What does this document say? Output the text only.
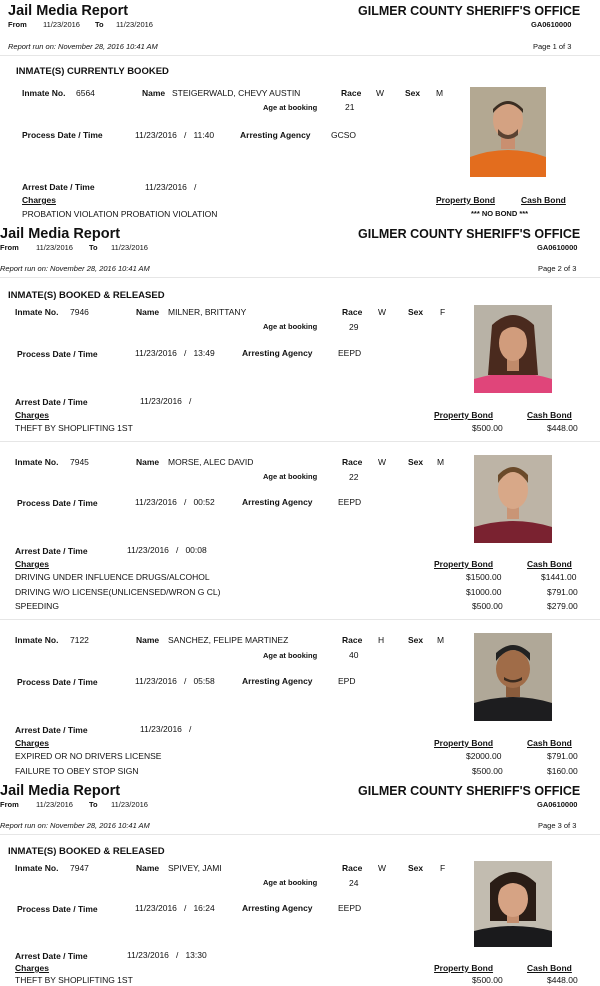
Jail Media Report
From 11/23/2016 To 11/23/2016
GILMER COUNTY SHERIFF'S OFFICE
GA0610000
Report run on: November 28, 2016 10:41 AM	Page 1 of 3
INMATE(S) CURRENTLY BOOKED
Inmate No. 6564	Name STEIGERWALD, CHEVY AUSTIN	Race W Sex M
Age at booking	21
Process Date / Time	11/23/2016   /   11:40	Arresting Agency GCSO
Arrest Date / Time	11/23/2016   /
Charges	Property Bond	Cash Bond
PROBATION VIOLATION PROBATION VIOLATION	*** NO BOND ***
Jail Media Report
From 11/23/2016 To 11/23/2016
GILMER COUNTY SHERIFF'S OFFICE
GA0610000
Report run on: November 28, 2016 10:41 AM	Page 2 of 3
INMATE(S) BOOKED & RELEASED
Inmate No. 7946	Name MILNER, BRITTANY	Race W	Sex F
Age at booking	29
Process Date / Time	11/23/2016   /   13:49	Arresting Agency	EEPD
Arrest Date / Time	11/23/2016   /
Charges	Property Bond	Cash Bond
THEFT BY SHOPLIFTING 1ST	$500.00	$448.00
Inmate No. 7945	Name MORSE, ALEC DAVID	Race W	Sex M
Age at booking	22
Process Date / Time	11/23/2016   /   00:52	Arresting Agency	EEPD
Arrest Date / Time	11/23/2016   /   00:08
Charges	Property Bond	Cash Bond
DRIVING UNDER INFLUENCE DRUGS/ALCOHOL	$1500.00	$1441.00
DRIVING W/O LICENSE(UNLICENSED/WRON G CL)	$1000.00	$791.00
SPEEDING	$500.00	$279.00
Inmate No. 7122	Name SANCHEZ, FELIPE MARTINEZ	Race H	Sex M
Age at booking	40
Process Date / Time	11/23/2016   /   05:58	Arresting Agency	EPD
Arrest Date / Time	11/23/2016   /
Charges	Property Bond	Cash Bond
EXPIRED OR NO DRIVERS LICENSE	$2000.00	$791.00
FAILURE TO OBEY STOP SIGN	$500.00	$160.00
Jail Media Report
From 11/23/2016 To 11/23/2016
GILMER COUNTY SHERIFF'S OFFICE
GA0610000
Report run on: November 28, 2016 10:41 AM	Page 3 of 3
INMATE(S) BOOKED & RELEASED
Inmate No. 7947	Name SPIVEY, JAMI	Race W	Sex F
Age at booking	24
Process Date / Time	11/23/2016   /   16:24	Arresting Agency	EEPD
Arrest Date / Time	11/23/2016   /   13:30
Charges	Property Bond	Cash Bond
THEFT BY SHOPLIFTING 1ST	$500.00	$448.00
